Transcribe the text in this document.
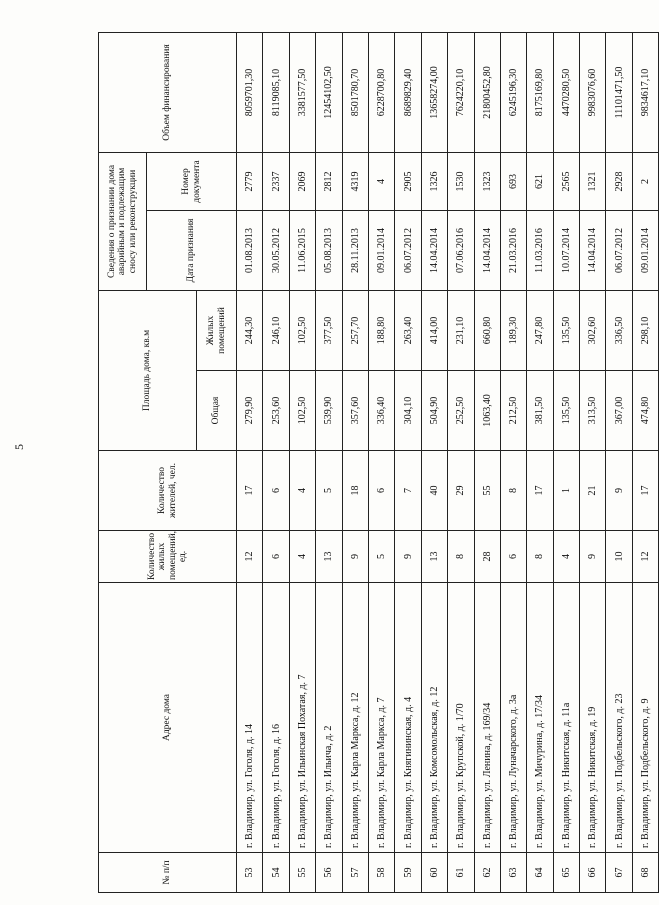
5
№ п/п	Адрес дома	Количество жилых помещений, ед.	Количество жителей, чел.	Площадь дома, кв.м		Сведения о признании дома аварийным и подлежащим сносу или реконструкции		Объем финансирования
						Дата признания	Номер документа	
				Общая	Жилых помещений			
53	г. Владимир, ул. Гоголя, д. 14	12	17	279,90	244,30	01.08.2013	2779	8059701,30
54	г. Владимир, ул. Гоголя, д. 16	6	6	253,60	246,10	30.05.2012	2337	8119085,10
55	г. Владимир, ул. Ильинская Похатая, д. 7	4	4	102,50	102,50	11.06.2015	2069	3381577,50
56	г. Владимир, ул. Ильича, д. 2	13	5	539,90	377,50	05.08.2013	2812	12454102,50
57	г. Владимир, ул. Карла Маркса, д. 12	9	18	357,60	257,70	28.11.2013	4319	8501780,70
58	г. Владимир, ул. Карла Маркса, д. 7	5	6	336,40	188,80	09.01.2014	4	6228700,80
59	г. Владимир, ул. Княгининская, д. 4	9	7	304,10	263,40	06.07.2012	2905	8689829,40
60	г. Владимир, ул. Комсомольская, д. 12	13	40	504,90	414,00	14.04.2014	1326	13658274,00
61	г. Владимир, ул. Крупской, д. 1/70	8	29	252,50	231,10	07.06.2016	1530	7624220,10
62	г. Владимир, ул. Ленина, д. 169/34	28	55	1063,40	660,80	14.04.2014	1323	21800452,80
63	г. Владимир, ул. Луначарского, д. 3а	6	8	212,50	189,30	21.03.2016	693	6245196,30
64	г. Владимир, ул. Мичурина, д. 17/34	8	17	381,50	247,80	11.03.2016	621	8175169,80
65	г. Владимир, ул. Никитская, д. 11а	4	1	135,50	135,50	10.07.2014	2565	4470280,50
66	г. Владимир, ул. Никитская, д. 19	9	21	313,50	302,60	14.04.2014	1321	9983076,60
67	г. Владимир, ул. Подбельского, д. 23	10	9	367,00	336,50	06.07.2012	2928	11101471,50
68	г. Владимир, ул. Подбельского, д. 9	12	17	474,80	298,10	09.01.2014	2	9834617,10
